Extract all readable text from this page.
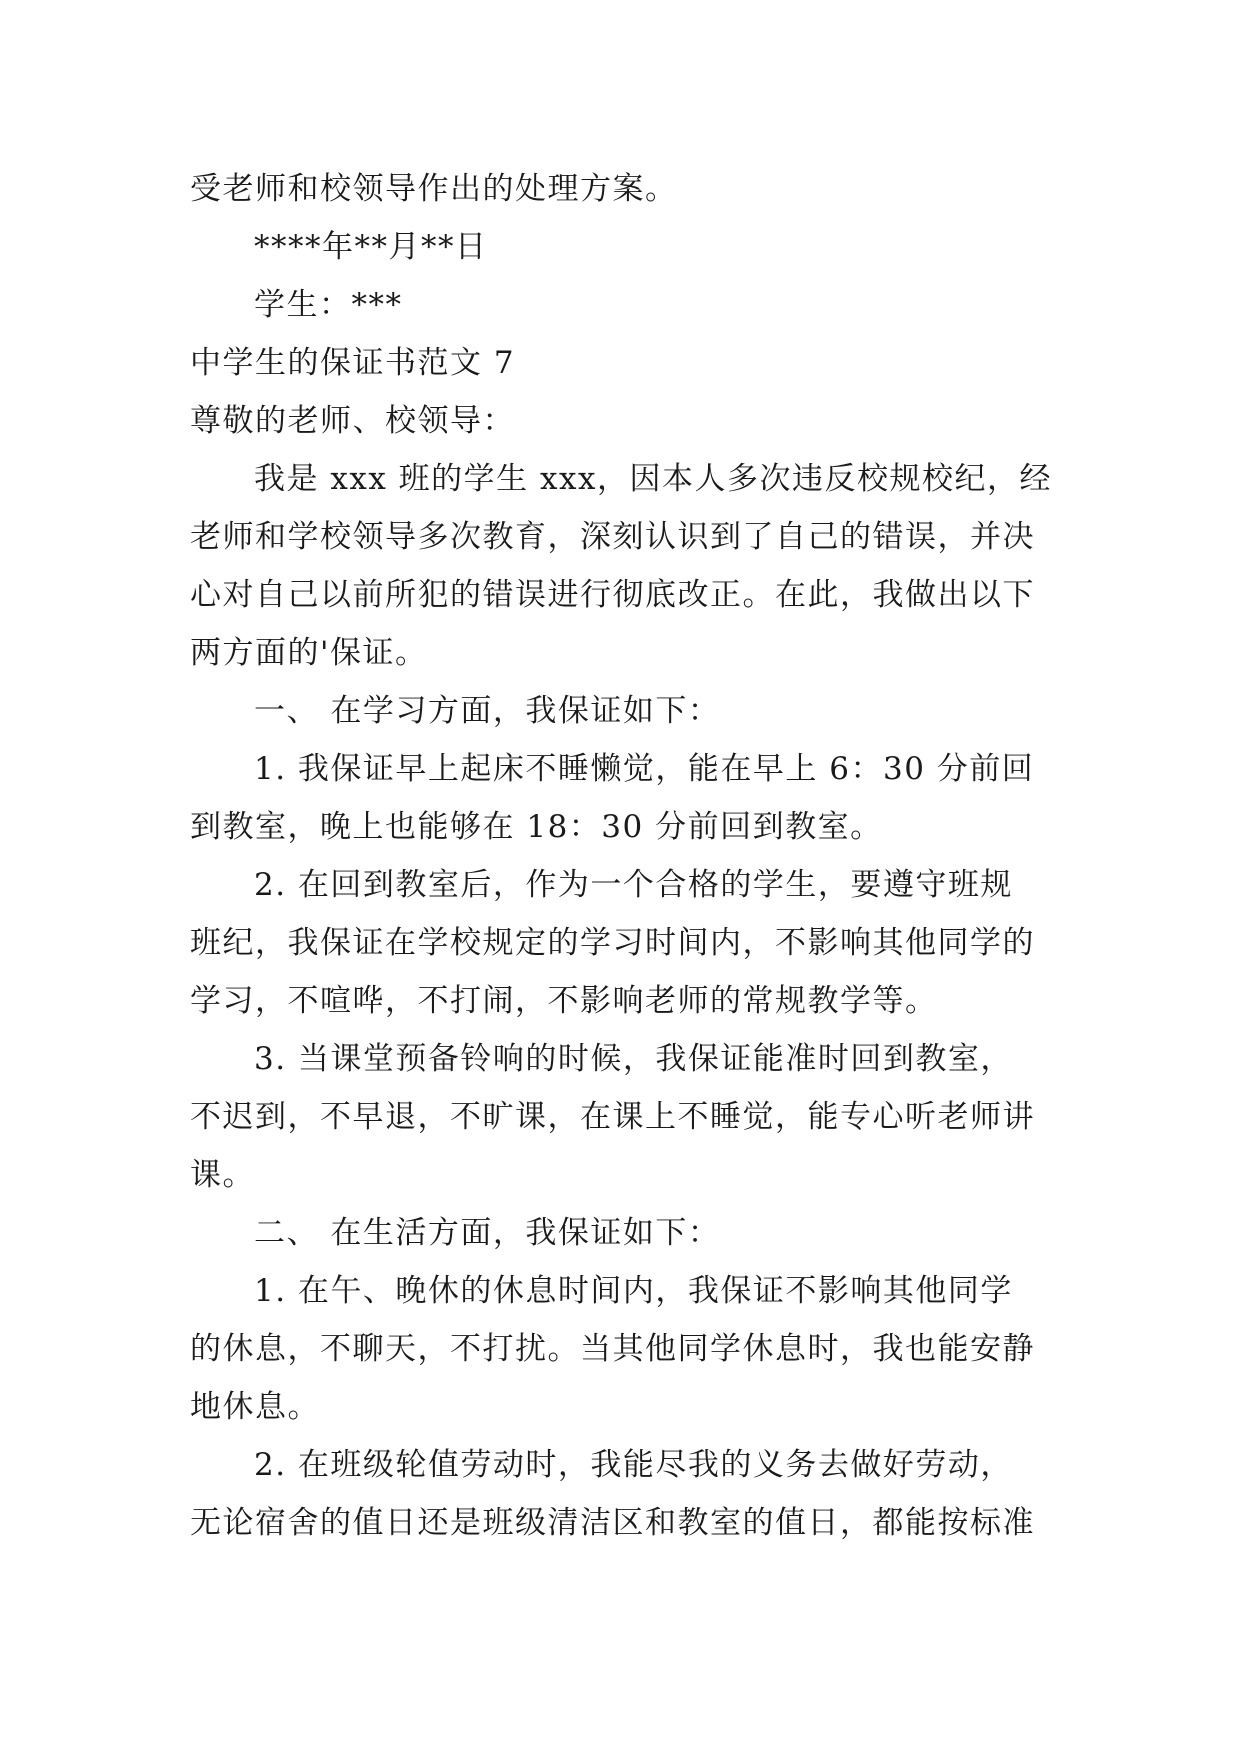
受老师和校领导作出的处理方案。
****年**月**日
学生：***
中学生的保证书范文 7
尊敬的老师、校领导：
我是 xxx 班的学生 xxx，因本人多次违反校规校纪，经
老师和学校领导多次教育，深刻认识到了自己的错误，并决
心对自己以前所犯的错误进行彻底改正。在此，我做出以下
两方面的'保证。
一、 在学习方面，我保证如下：
1. 我保证早上起床不睡懒觉，能在早上 6：30 分前回
到教室，晚上也能够在 18：30 分前回到教室。
2. 在回到教室后，作为一个合格的学生，要遵守班规
班纪，我保证在学校规定的学习时间内，不影响其他同学的
学习，不喧哗，不打闹，不影响老师的常规教学等。
3. 当课堂预备铃响的时候，我保证能准时回到教室，
不迟到，不早退，不旷课，在课上不睡觉，能专心听老师讲
课。
二、 在生活方面，我保证如下：
1. 在午、晚休的休息时间内，我保证不影响其他同学
的休息，不聊天，不打扰。当其他同学休息时，我也能安静
地休息。
2. 在班级轮值劳动时，我能尽我的义务去做好劳动，
无论宿舍的值日还是班级清洁区和教室的值日，都能按标准
